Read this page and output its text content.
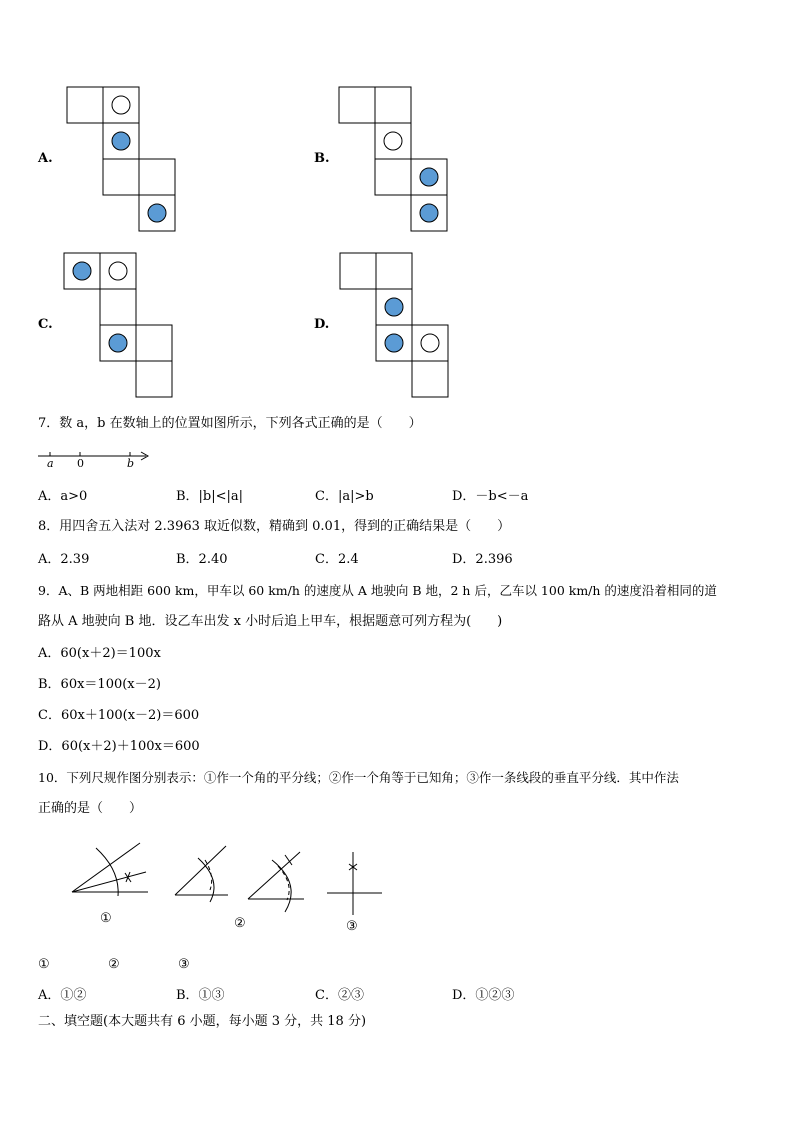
A.	B.
C.	D.
7．数 a，b 在数轴上的位置如图所示，下列各式正确的是（　　）
a 0	b
A．a>0	B．|b|<|a|	C．|a|>b	D．－b<－a
8．用四舍五入法对 2.3963 取近似数，精确到 0.01，得到的正确结果是（　　）
A．2.39	B．2.40	C．2.4	D．2.396
9．A、B 两地相距 600 km，甲车以 60 km/h 的速度从 A 地驶向 B 地，2 h 后，乙车以 100 km/h 的速度沿着相同的道
路从 A 地驶向 B 地．设乙车出发 x 小时后追上甲车，根据题意可列方程为(　　)
A．60(x＋2)＝100x
B．60x＝100(x－2)
C．60x＋100(x－2)＝600
D．60(x＋2)＋100x＝600
10．下列尺规作图分别表示：①作一个角的平分线；②作一个角等于已知角；③作一条线段的垂直平分线．其中作法
正确的是（　　）
①	②	③
①	②	③
A．①②	B．①③	C．②③	D．①②③
二、填空题(本大题共有 6 小题，每小题 3 分，共 18 分)
